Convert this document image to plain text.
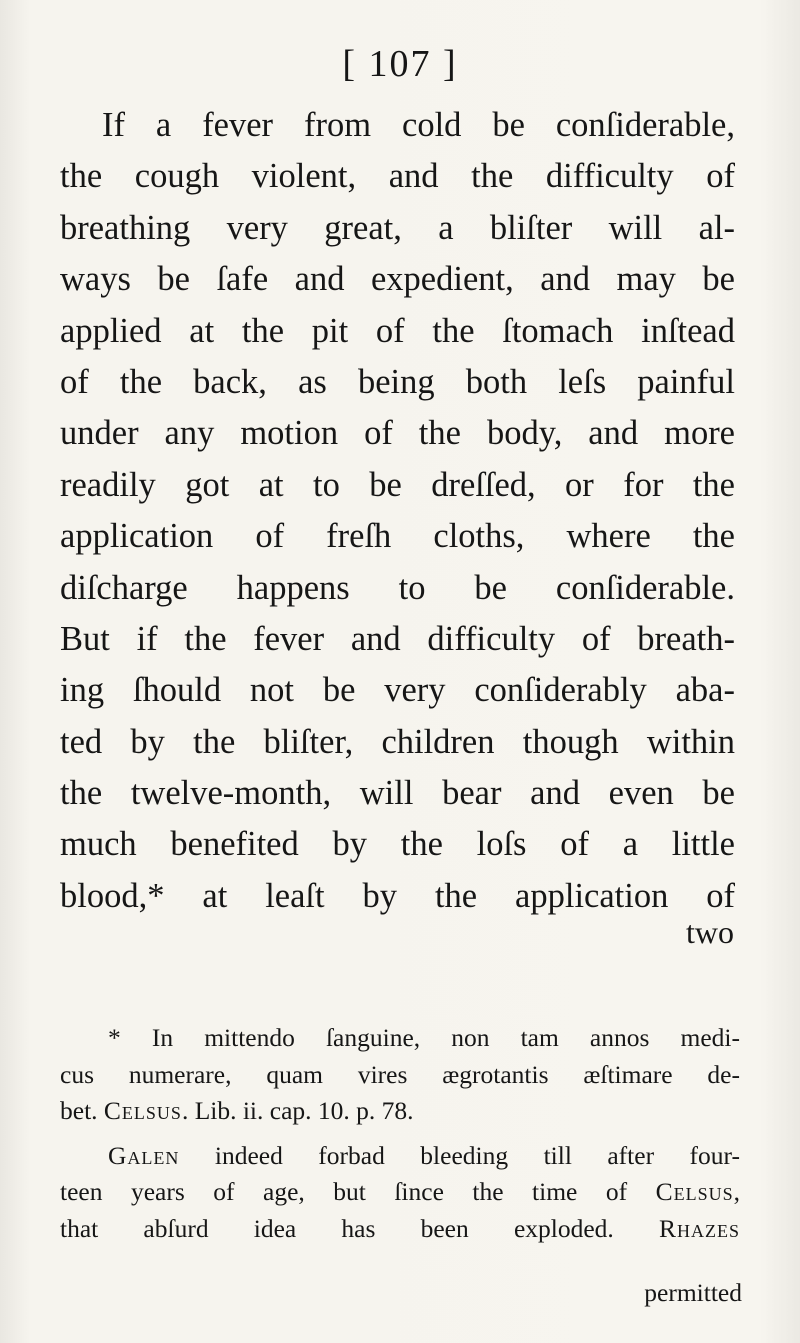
[ 107 ]
If a fever from cold be conſiderable,
the cough violent, and the difficulty of
breathing very great, a bliſter will al-
ways be ſafe and expedient, and may be
applied at the pit of the ſtomach inſtead
of the back, as being both leſs painful
under any motion of the body, and more
readily got at to be dreſſed, or for the
application of freſh cloths, where the
diſcharge happens to be conſiderable.
But if the fever and difficulty of breath-
ing ſhould not be very conſiderably aba-
ted by the bliſter, children though within
the twelve-month, will bear and even be
much benefited by the loſs of a little
blood,* at leaſt by the application of
two
* In mittendo ſanguine, non tam annos medi-
cus numerare, quam vires ægrotantis æſtimare de-
bet. Celsus. Lib. ii. cap. 10. p. 78.
Galen indeed forbad bleeding till after four-
teen years of age, but ſince the time of Celsus,
that abſurd idea has been exploded. Rhazes
permitted
